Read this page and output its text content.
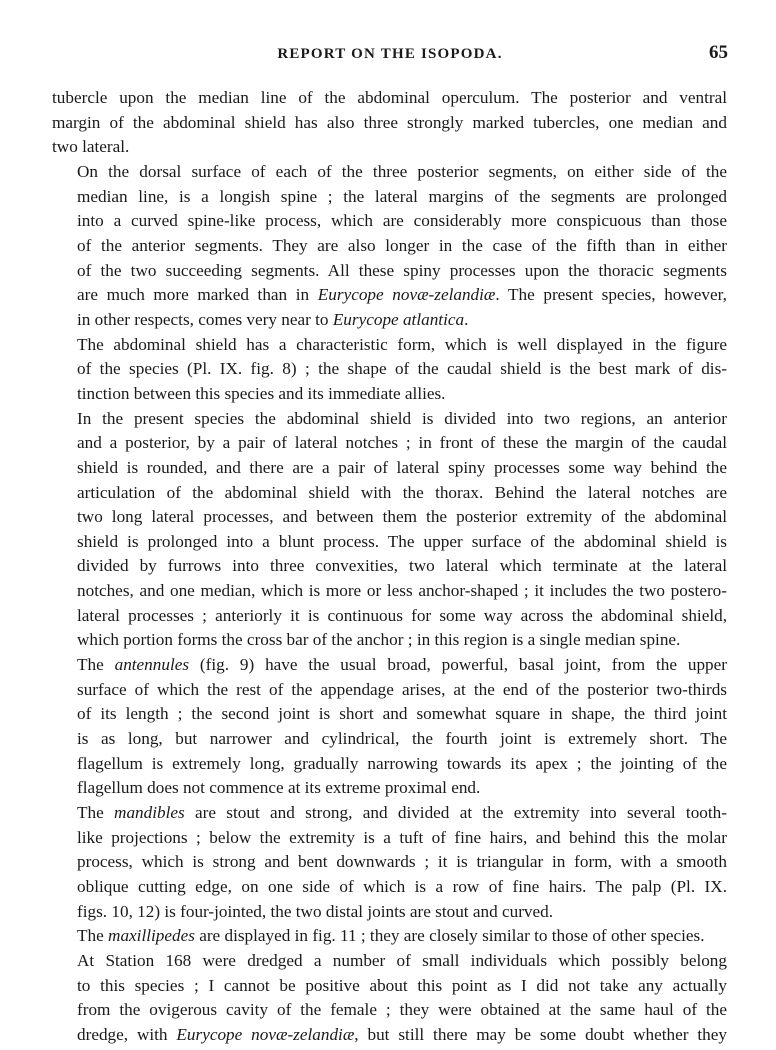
REPORT ON THE ISOPODA.	65

tubercle upon the median line of the abdominal operculum. The posterior and ventral
margin of the abdominal shield has also three strongly marked tubercles, one median and
two lateral.

On the dorsal surface of each of the three posterior segments, on either side of the
median line, is a longish spine ; the lateral margins of the segments are prolonged
into a curved spine-like process, which are considerably more conspicuous than those
of the anterior segments. They are also longer in the case of the fifth than in either
of the two succeeding segments. All these spiny processes upon the thoracic segments
are much more marked than in Eurycope novæ-zelandiæ. The present species, however,
in other respects, comes very near to Eurycope atlantica.

The abdominal shield has a characteristic form, which is well displayed in the figure
of the species (Pl. IX. fig. 8) ; the shape of the caudal shield is the best mark of dis-
tinction between this species and its immediate allies.

In the present species the abdominal shield is divided into two regions, an anterior
and a posterior, by a pair of lateral notches ; in front of these the margin of the caudal
shield is rounded, and there are a pair of lateral spiny processes some way behind the
articulation of the abdominal shield with the thorax. Behind the lateral notches are
two long lateral processes, and between them the posterior extremity of the abdominal
shield is prolonged into a blunt process. The upper surface of the abdominal shield is
divided by furrows into three convexities, two lateral which terminate at the lateral
notches, and one median, which is more or less anchor-shaped ; it includes the two postero-
lateral processes ; anteriorly it is continuous for some way across the abdominal shield,
which portion forms the cross bar of the anchor ; in this region is a single median spine.

The antennules (fig. 9) have the usual broad, powerful, basal joint, from the upper
surface of which the rest of the appendage arises, at the end of the posterior two-thirds
of its length ; the second joint is short and somewhat square in shape, the third joint
is as long, but narrower and cylindrical, the fourth joint is extremely short. The
flagellum is extremely long, gradually narrowing towards its apex ; the jointing of the
flagellum does not commence at its extreme proximal end.

The mandibles are stout and strong, and divided at the extremity into several tooth-
like projections ; below the extremity is a tuft of fine hairs, and behind this the molar
process, which is strong and bent downwards ; it is triangular in form, with a smooth
oblique cutting edge, on one side of which is a row of fine hairs. The palp (Pl. IX.
figs. 10, 12) is four-jointed, the two distal joints are stout and curved.

The maxillipedes are displayed in fig. 11 ; they are closely similar to those of other species.

At Station 168 were dredged a number of small individuals which possibly belong
to this species ; I cannot be positive about this point as I did not take any actually
from the ovigerous cavity of the female ; they were obtained at the same haul of the
dredge, with Eurycope novæ-zelandiæ, but still there may be some doubt whether they
